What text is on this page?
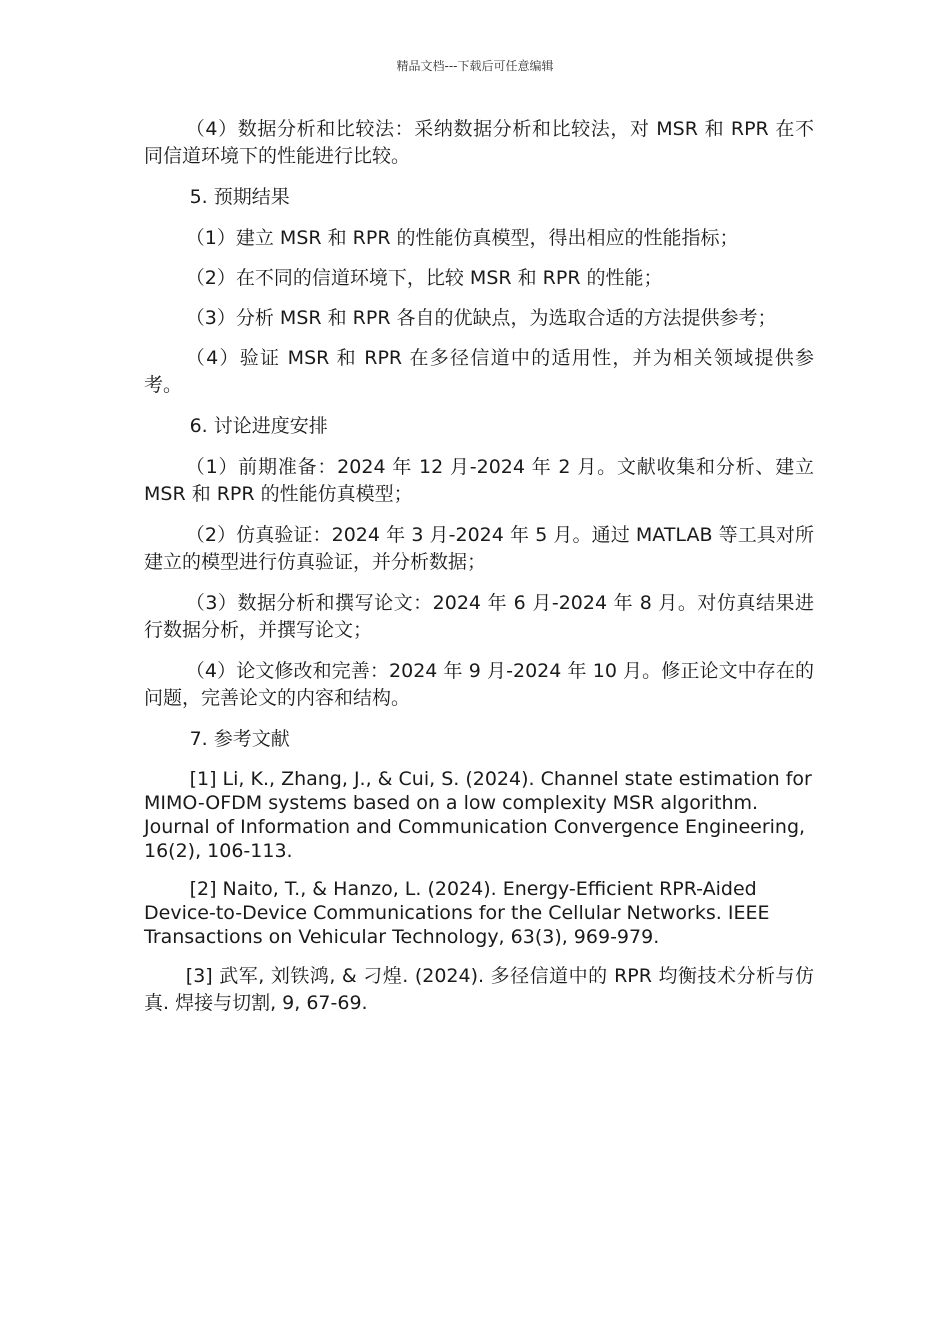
精品文档---下载后可任意编辑

（4）数据分析和比较法：采纳数据分析和比较法，对 MSR 和 RPR 在不同信道环境下的性能进行比较。

5. 预期结果

（1）建立 MSR 和 RPR 的性能仿真模型，得出相应的性能指标；

（2）在不同的信道环境下，比较 MSR 和 RPR 的性能；

（3）分析 MSR 和 RPR 各自的优缺点，为选取合适的方法提供参考；

（4）验证 MSR 和 RPR 在多径信道中的适用性，并为相关领域提供参考。

6. 讨论进度安排

（1）前期准备：2024 年 12 月-2024 年 2 月。文献收集和分析、建立 MSR 和 RPR 的性能仿真模型；

（2）仿真验证：2024 年 3 月-2024 年 5 月。通过 MATLAB 等工具对所建立的模型进行仿真验证，并分析数据；

（3）数据分析和撰写论文：2024 年 6 月-2024 年 8 月。对仿真结果进行数据分析，并撰写论文；

（4）论文修改和完善：2024 年 9 月-2024 年 10 月。修正论文中存在的问题，完善论文的内容和结构。

7. 参考文献

[1] Li, K., Zhang, J., & Cui, S. (2024). Channel state estimation for MIMO-OFDM systems based on a low complexity MSR algorithm. Journal of Information and Communication Convergence Engineering, 16(2), 106-113.

[2] Naito, T., & Hanzo, L. (2024). Energy-Efficient RPR-Aided Device-to-Device Communications for the Cellular Networks. IEEE Transactions on Vehicular Technology, 63(3), 969-979.

[3] 武军, 刘铁鸿, & 刁煌. (2024). 多径信道中的 RPR 均衡技术分析与仿真. 焊接与切割, 9, 67-69.
